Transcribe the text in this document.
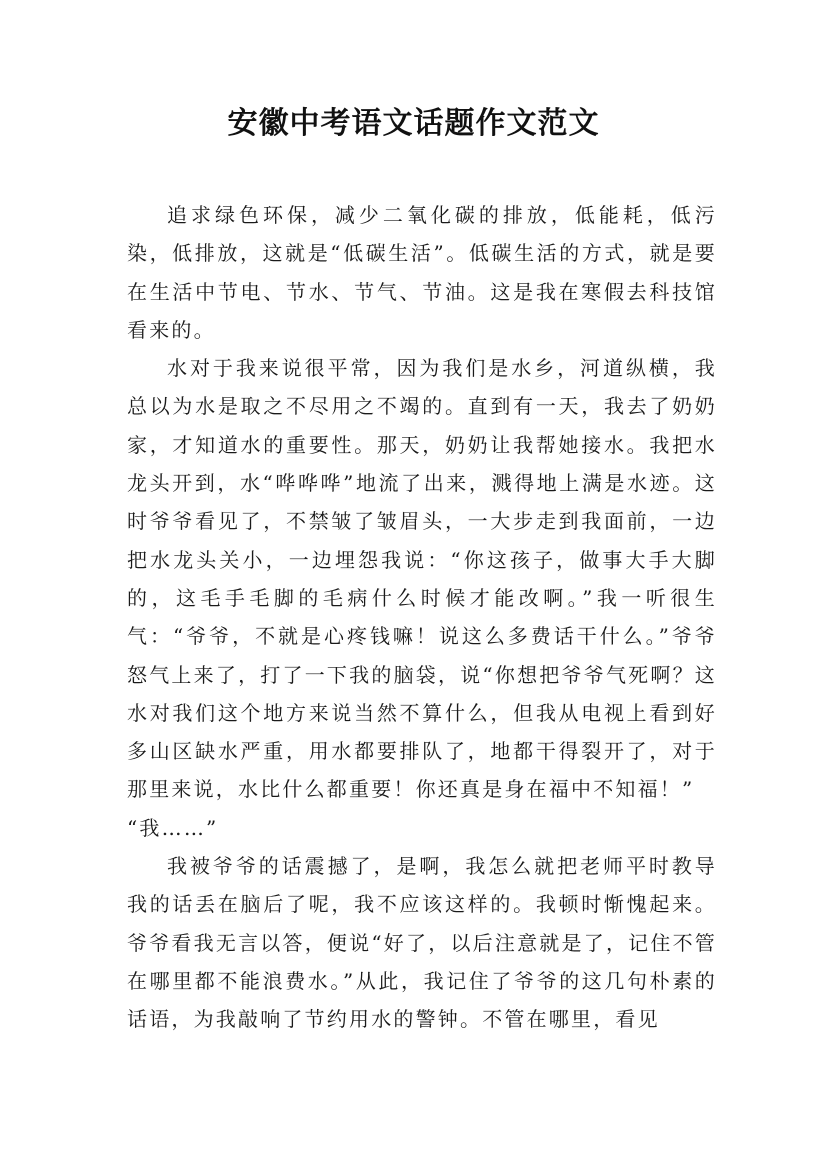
安徽中考语文话题作文范文

追求绿色环保，减少二氧化碳的排放，低能耗，低污染，低排放，这就是“低碳生活”。低碳生活的方式，就是要在生活中节电、节水、节气、节油。这是我在寒假去科技馆看来的。

水对于我来说很平常，因为我们是水乡，河道纵横，我总以为水是取之不尽用之不竭的。直到有一天，我去了奶奶家，才知道水的重要性。那天，奶奶让我帮她接水。我把水龙头开到，水“哗哗哗”地流了出来，溅得地上满是水迹。这时爷爷看见了，不禁皱了皱眉头，一大步走到我面前，一边把水龙头关小，一边埋怨我说：“你这孩子，做事大手大脚的，这毛手毛脚的毛病什么时候才能改啊。”我一听很生气：“爷爷，不就是心疼钱嘛！说这么多费话干什么。”爷爷怒气上来了，打了一下我的脑袋，说“你想把爷爷气死啊？这水对我们这个地方来说当然不算什么，但我从电视上看到好多山区缺水严重，用水都要排队了，地都干得裂开了，对于那里来说，水比什么都重要！你还真是身在福中不知福！”

“我……”

我被爷爷的话震撼了，是啊，我怎么就把老师平时教导我的话丢在脑后了呢，我不应该这样的。我顿时惭愧起来。爷爷看我无言以答，便说“好了，以后注意就是了，记住不管在哪里都不能浪费水。”从此，我记住了爷爷的这几句朴素的话语，为我敲响了节约用水的警钟。不管在哪里，看见
